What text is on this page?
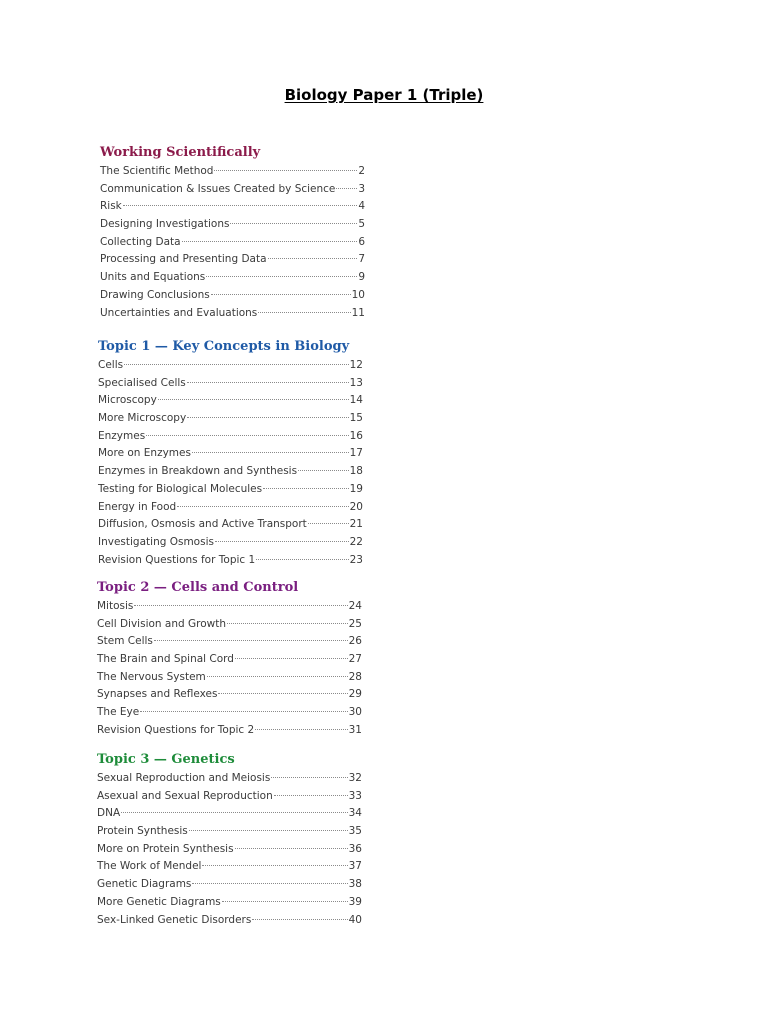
Biology Paper 1 (Triple)
Working Scientifically
The Scientific Method	2
Communication & Issues Created by Science 3
Risk	4
Designing Investigations	5
Collecting Data	6
Processing and Presenting Data	7
Units and Equations	9
Drawing Conclusions	10
Uncertainties and Evaluations	11
Topic 1 — Key Concepts in Biology
Cells	12
Specialised Cells	13
Microscopy	14
More Microscopy	15
Enzymes	16
More on Enzymes	17
Enzymes in Breakdown and Synthesis	18
Testing for Biological Molecules	19
Energy in Food	20
Diffusion, Osmosis and Active Transport	21
Investigating Osmosis	22
Revision Questions for Topic 1	23
Topic 2 — Cells and Control
Mitosis	24
Cell Division and Growth	25
Stem Cells	26
The Brain and Spinal Cord	27
The Nervous System	28
Synapses and Reflexes	29
The Eye	30
Revision Questions for Topic 2	31
Topic 3 — Genetics
Sexual Reproduction and Meiosis	32
Asexual and Sexual Reproduction	33
DNA	34
Protein Synthesis	35
More on Protein Synthesis	36
The Work of Mendel	37
Genetic Diagrams	38
More Genetic Diagrams	39
Sex-Linked Genetic Disorders	40
